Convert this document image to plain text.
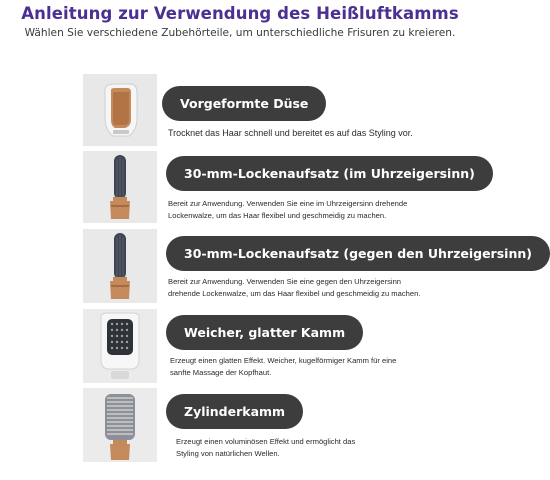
Anleitung zur Verwendung des Heißluftkamms
Wählen Sie verschiedene Zubehörteile, um unterschiedliche Frisuren zu kreieren.
Vorgeformte Düse
Trocknet das Haar schnell und bereitet es auf das Styling vor.
30-mm-Lockenaufsatz (im Uhrzeigersinn)
Bereit zur Anwendung. Verwenden Sie eine im Uhrzeigersinn drehende
Lockenwalze, um das Haar flexibel und geschmeidig zu machen.
30-mm-Lockenaufsatz (gegen den Uhrzeigersinn)
Bereit zur Anwendung. Verwenden Sie eine gegen den Uhrzeigersinn
drehende Lockenwalze, um das Haar flexibel und geschmeidig zu machen.
Weicher, glatter Kamm
Erzeugt einen glatten Effekt. Weicher, kugelförmiger Kamm für eine
sanfte Massage der Kopfhaut.
Zylinderkamm
Erzeugt einen voluminösen Effekt und ermöglicht das
Styling von natürlichen Wellen.
